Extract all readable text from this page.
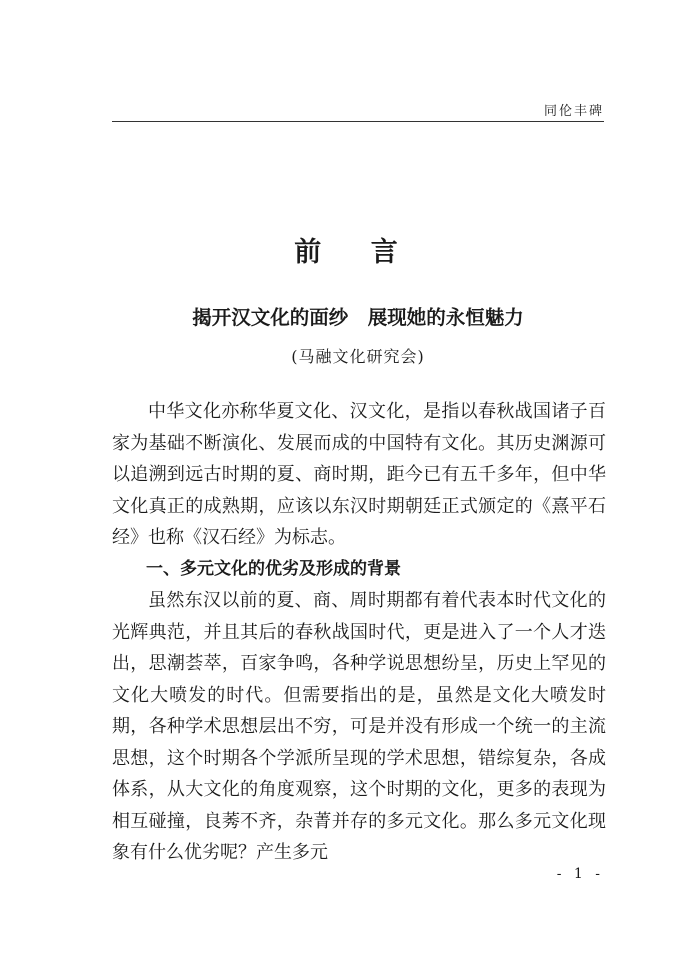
同伦丰碑
前 言
揭开汉文化的面纱　展现她的永恒魅力
(马融文化研究会)

中华文化亦称华夏文化、汉文化，是指以春秋战国诸子百家为基础不断演化、发展而成的中国特有文化。其历史渊源可以追溯到远古时期的夏、商时期，距今已有五千多年，但中华文化真正的成熟期，应该以东汉时期朝廷正式颁定的《熹平石经》也称《汉石经》为标志。

一、多元文化的优劣及形成的背景

虽然东汉以前的夏、商、周时期都有着代表本时代文化的光辉典范，并且其后的春秋战国时代，更是进入了一个人才迭出，思潮荟萃，百家争鸣，各种学说思想纷呈，历史上罕见的文化大喷发的时代。但需要指出的是，虽然是文化大喷发时期，各种学术思想层出不穷，可是并没有形成一个统一的主流思想，这个时期各个学派所呈现的学术思想，错综复杂，各成体系，从大文化的角度观察，这个时期的文化，更多的表现为相互碰撞，良莠不齐，杂菁并存的多元文化。那么多元文化现象有什么优劣呢？产生多元

- 1 -
